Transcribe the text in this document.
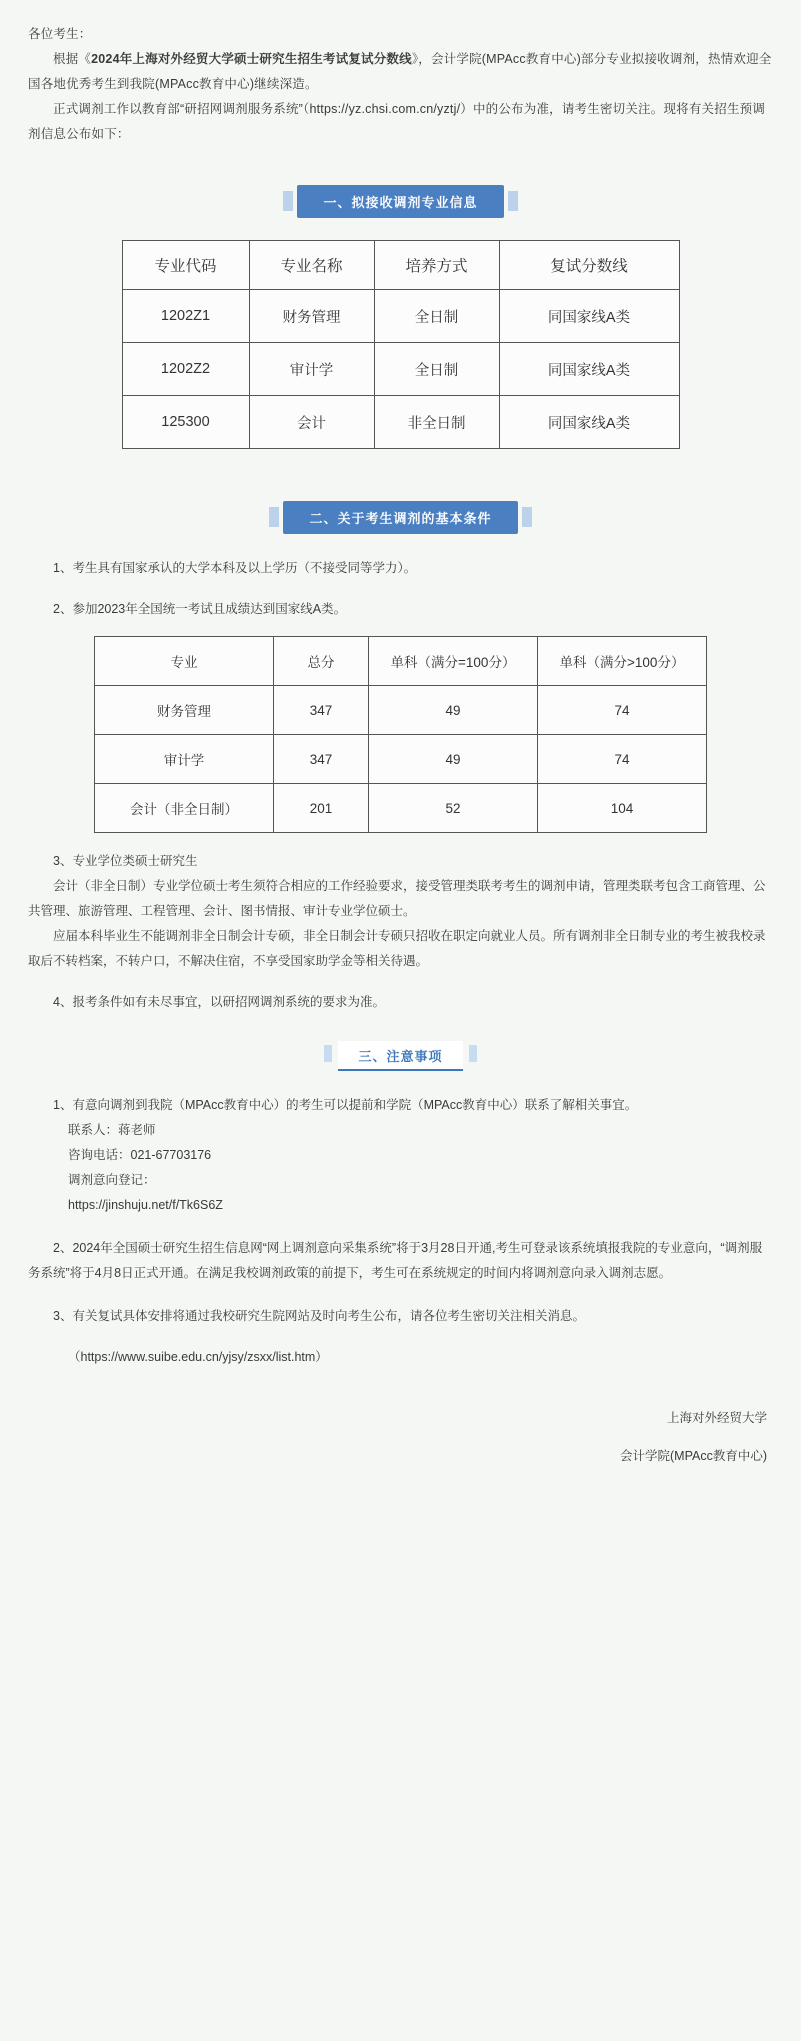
各位考生：

根据《2024年上海对外经贸大学硕士研究生招生考试复试分数线》，会计学院(MPAcc教育中心)部分专业拟接收调剂，热情欢迎全国各地优秀考生到我院(MPAcc教育中心)继续深造。

正式调剂工作以教育部“研招网调剂服务系统”（https://yz.chsi.com.cn/yztj/）中的公布为准，请考生密切关注。现将有关招生预调剂信息公布如下：

一、拟接收调剂专业信息
专业代码	专业名称	培养方式	复试分数线
1202Z1	财务管理	全日制	同国家线A类
1202Z2	审计学	全日制	同国家线A类
125300	会计	非全日制	同国家线A类
二、关于考生调剂的基本条件

1、考生具有国家承认的大学本科及以上学历（不接受同等学力）。

2、参加2023年全国统一考试且成绩达到国家线A类。

专业	总分	单科（满分=100分）	单科（满分>100分）
财务管理	347	49	74
审计学	347	49	74
会计（非全日制）	201	52	104

3、专业学位类硕士研究生

会计（非全日制）专业学位硕士考生须符合相应的工作经验要求，接受管理类联考考生的调剂申请，管理类联考包含工商管理、公共管理、旅游管理、工程管理、会计、图书情报、审计专业学位硕士。

应届本科毕业生不能调剂非全日制会计专硕，非全日制会计专硕只招收在职定向就业人员。所有调剂非全日制专业的考生被我校录取后不转档案，不转户口，不解决住宿，不享受国家助学金等相关待遇。

4、报考条件如有未尽事宜，以研招网调剂系统的要求为准。

三、注意事项

1、有意向调剂到我院（MPAcc教育中心）的考生可以提前和学院（MPAcc教育中心）联系了解相关事宜。

联系人：蒋老师

咨询电话：021-67703176

调剂意向登记：

https://jinshuju.net/f/Tk6S6Z

2、2024年全国硕士研究生招生信息网“网上调剂意向采集系统”将于3月28日开通,考生可登录该系统填报我院的专业意向，“调剂服务系统”将于4月8日正式开通。在满足我校调剂政策的前提下，考生可在系统规定的时间内将调剂意向录入调剂志愿。

3、有关复试具体安排将通过我校研究生院网站及时向考生公布，请各位考生密切关注相关消息。

（https://www.suibe.edu.cn/yjsy/zsxx/list.htm）

上海对外经贸大学

会计学院(MPAcc教育中心)
